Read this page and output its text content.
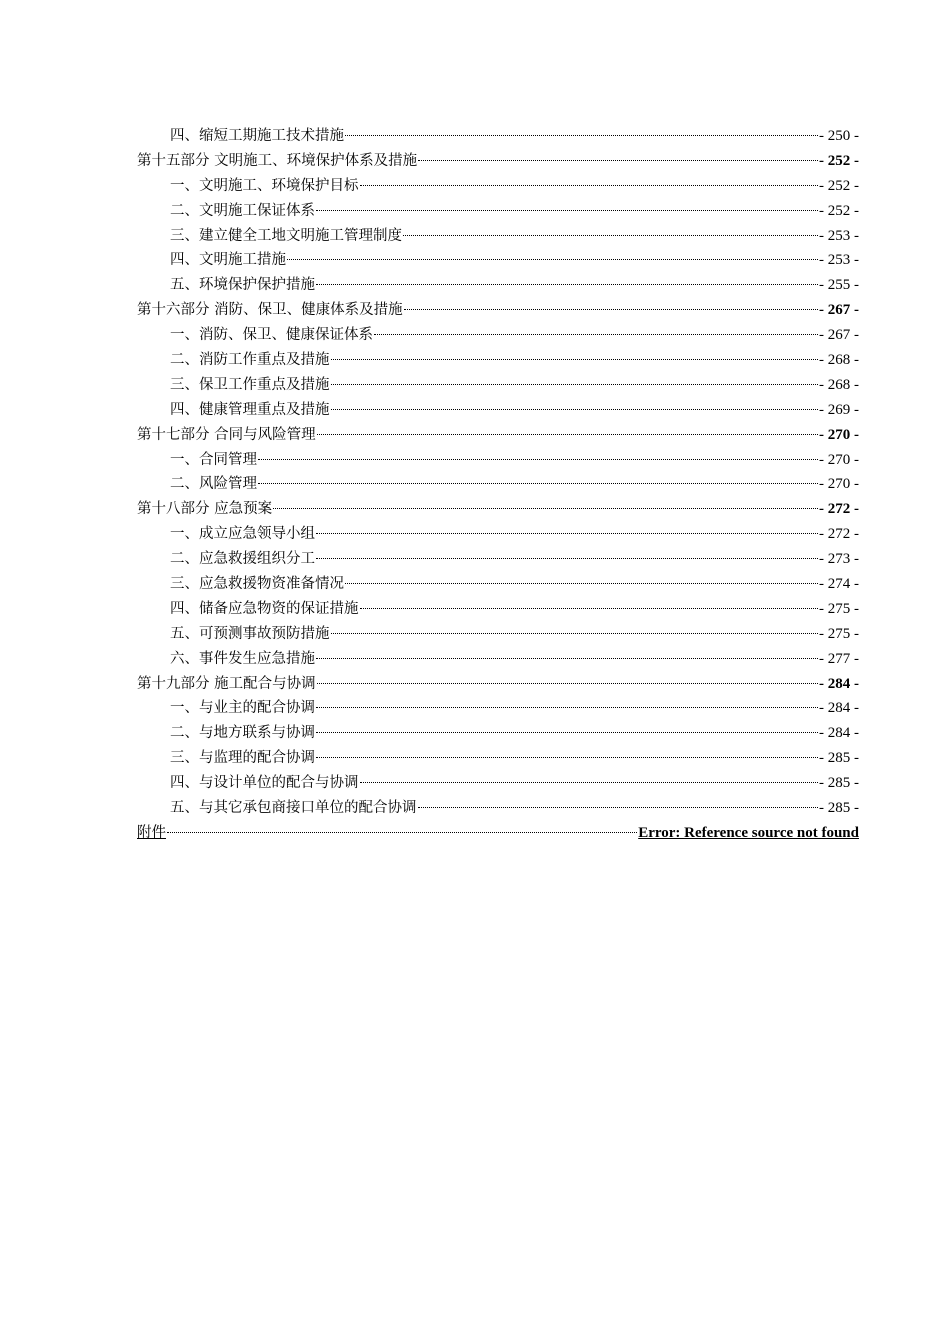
四、缩短工期施工技术措施	- 250 -
第十五部分 文明施工、环境保护体系及措施	- 252 -
一、文明施工、环境保护目标	- 252 -
二、文明施工保证体系	- 252 -
三、建立健全工地文明施工管理制度	- 253 -
四、文明施工措施	- 253 -
五、环境保护保护措施	- 255 -
第十六部分 消防、保卫、健康体系及措施	- 267 -
一、消防、保卫、健康保证体系	- 267 -
二、消防工作重点及措施	- 268 -
三、保卫工作重点及措施	- 268 -
四、健康管理重点及措施	- 269 -
第十七部分 合同与风险管理	- 270 -
一、合同管理	- 270 -
二、风险管理	- 270 -
第十八部分 应急预案	- 272 -
一、成立应急领导小组	- 272 -
二、应急救援组织分工	- 273 -
三、应急救援物资准备情况	- 274 -
四、储备应急物资的保证措施	- 275 -
五、可预测事故预防措施	- 275 -
六、事件发生应急措施	- 277 -
第十九部分 施工配合与协调	- 284 -
一、与业主的配合协调	- 284 -
二、与地方联系与协调	- 284 -
三、与监理的配合协调	- 285 -
四、与设计单位的配合与协调	- 285 -
五、与其它承包商接口单位的配合协调	- 285 -
附件	Error: Reference source not found
